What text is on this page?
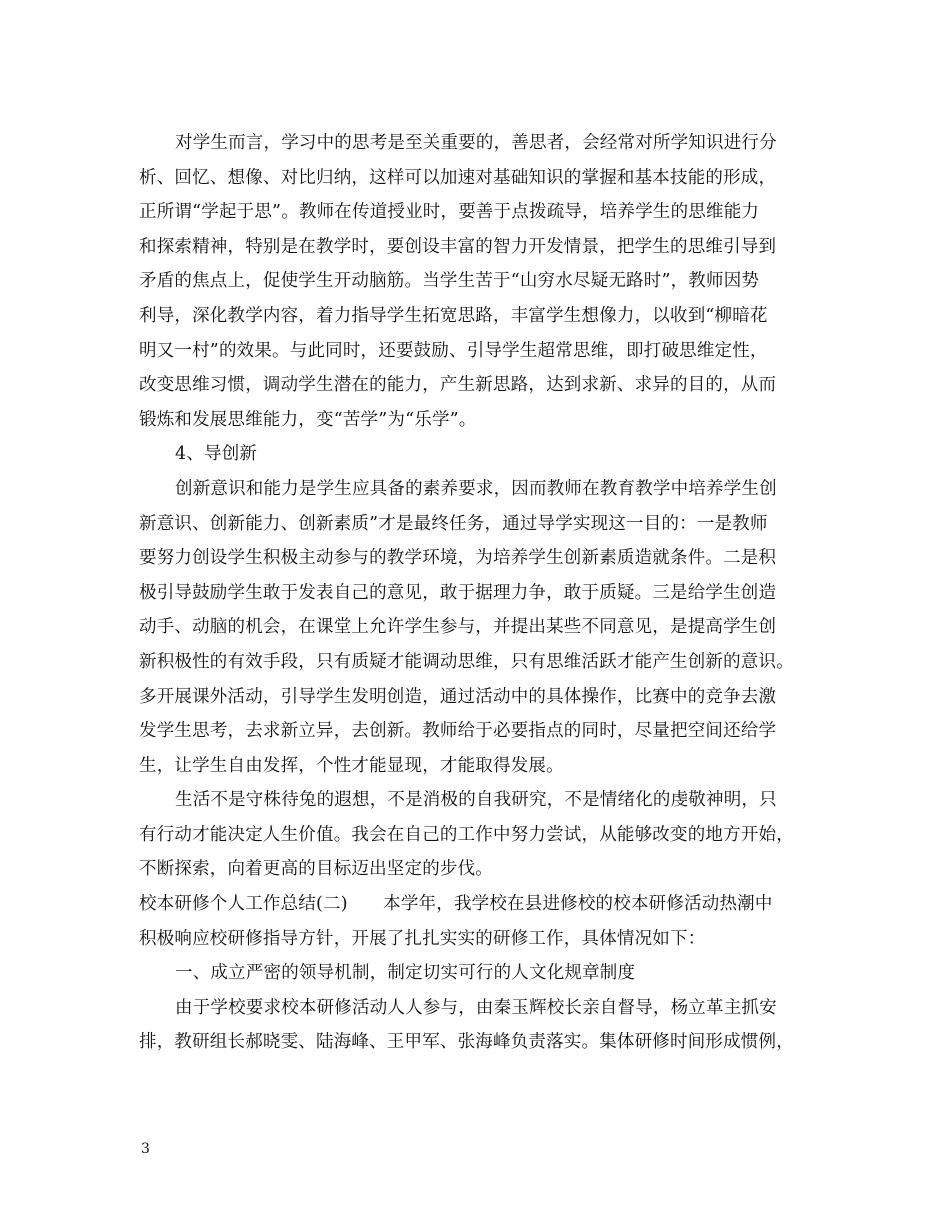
对学生而言，学习中的思考是至关重要的，善思者，会经常对所学知识进行分
析、回忆、想像、对比归纳，这样可以加速对基础知识的掌握和基本技能的形成，
正所谓“学起于思”。教师在传道授业时，要善于点拨疏导，培养学生的思维能力
和探索精神，特别是在教学时，要创设丰富的智力开发情景，把学生的思维引导到
矛盾的焦点上，促使学生开动脑筋。当学生苦于“山穷水尽疑无路时”，教师因势
利导，深化教学内容，着力指导学生拓宽思路，丰富学生想像力，以收到“柳暗花
明又一村”的效果。与此同时，还要鼓励、引导学生超常思维，即打破思维定性，
改变思维习惯，调动学生潜在的能力，产生新思路，达到求新、求异的目的，从而
锻炼和发展思维能力，变“苦学”为“乐学”。
4、导创新
创新意识和能力是学生应具备的素养要求，因而教师在教育教学中培养学生创
新意识、创新能力、创新素质”才是最终任务，通过导学实现这一目的：一是教师
要努力创设学生积极主动参与的教学环境，为培养学生创新素质造就条件。二是积
极引导鼓励学生敢于发表自己的意见，敢于据理力争，敢于质疑。三是给学生创造
动手、动脑的机会，在课堂上允许学生参与，并提出某些不同意见，是提高学生创
新积极性的有效手段，只有质疑才能调动思维，只有思维活跃才能产生创新的意识。
多开展课外活动，引导学生发明创造，通过活动中的具体操作，比赛中的竞争去激
发学生思考，去求新立异，去创新。教师给于必要指点的同时，尽量把空间还给学
生，让学生自由发挥，个性才能显现，才能取得发展。
生活不是守株待兔的遐想，不是消极的自我研究，不是情绪化的虔敬神明，只
有行动才能决定人生价值。我会在自己的工作中努力尝试，从能够改变的地方开始，
不断探索，向着更高的目标迈出坚定的步伐。
校本研修个人工作总结(二)　　本学年，我学校在县进修校的校本研修活动热潮中
积极响应校研修指导方针，开展了扎扎实实的研修工作，具体情况如下：
一、成立严密的领导机制，制定切实可行的人文化规章制度
由于学校要求校本研修活动人人参与，由秦玉辉校长亲自督导，杨立革主抓安
排，教研组长郝晓雯、陆海峰、王甲军、张海峰负责落实。集体研修时间形成惯例，
3
